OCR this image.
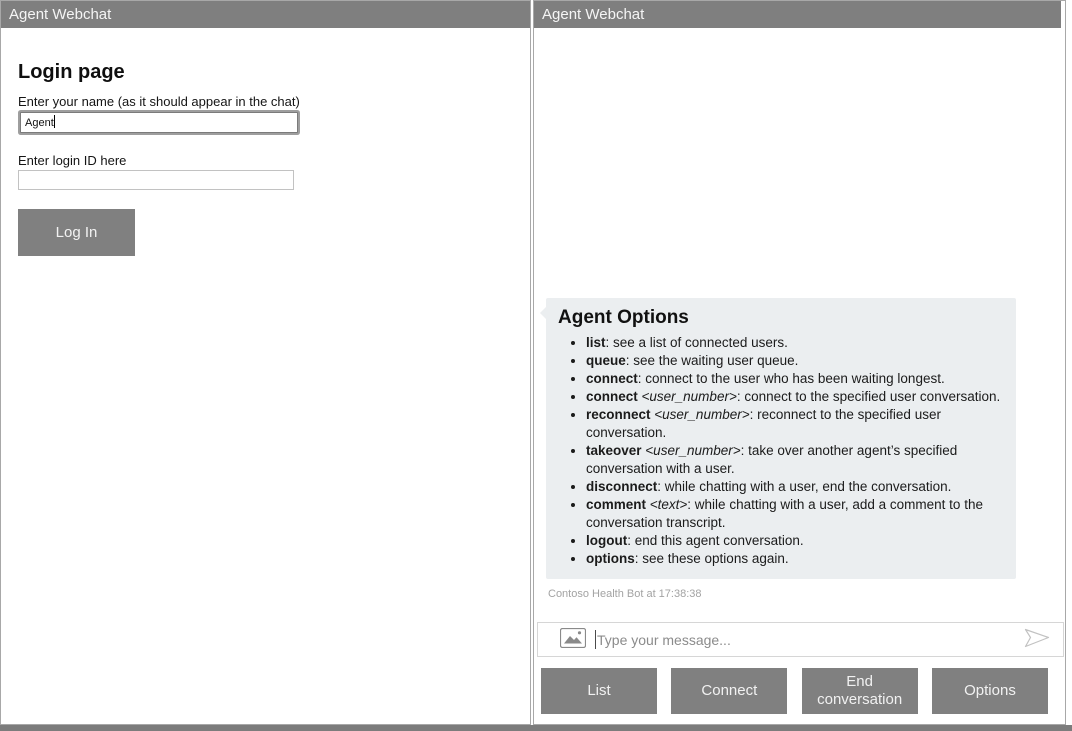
Agent Webchat
Login page
Enter your name (as it should appear in the chat)
Agent
Enter login ID here
Log In
Agent Webchat
Agent Options
• list: see a list of connected users.
• queue: see the waiting user queue.
• connect: connect to the user who has been waiting longest.
• connect <user_number>: connect to the specified user conversation.
• reconnect <user_number>: reconnect to the specified user conversation.
• takeover <user_number>: take over another agent’s specified conversation with a user.
• disconnect: while chatting with a user, end the conversation.
• comment <text>: while chatting with a user, add a comment to the conversation transcript.
• logout: end this agent conversation.
• options: see these options again.
Contoso Health Bot at 17:38:38
Type your message...
List	Connect
End conversation
Options
